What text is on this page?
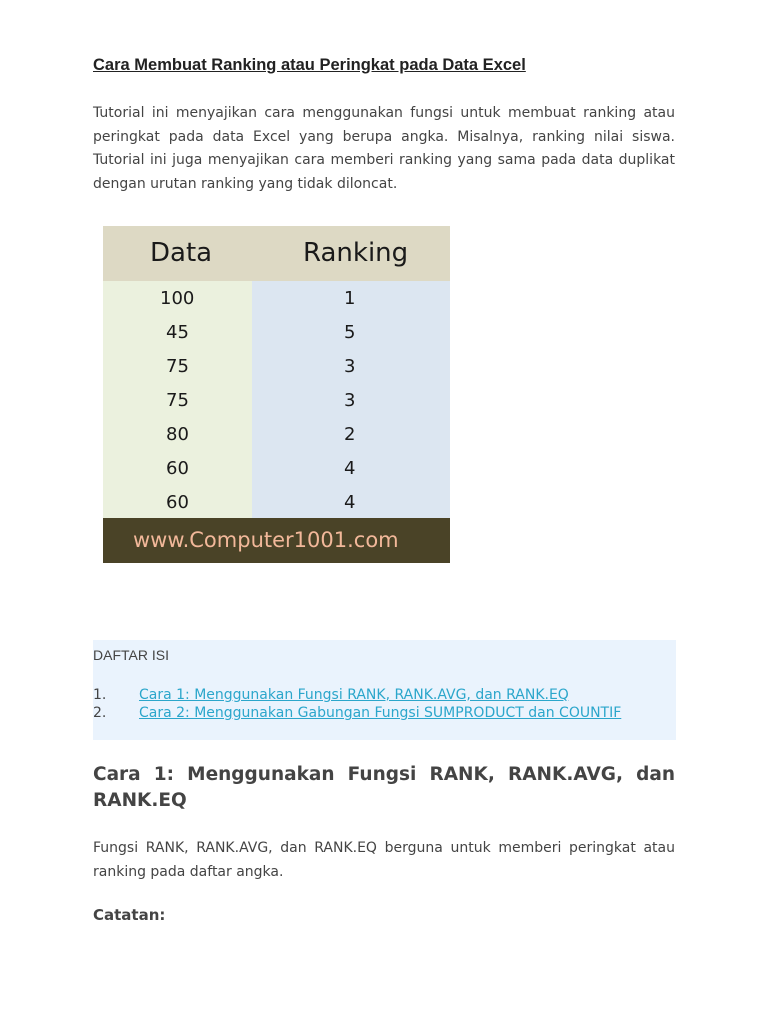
Cara Membuat Ranking atau Peringkat pada Data Excel

Tutorial ini menyajikan cara menggunakan fungsi untuk membuat ranking atau peringkat pada data Excel yang berupa angka. Misalnya, ranking nilai siswa. Tutorial ini juga menyajikan cara memberi ranking yang sama pada data duplikat dengan urutan ranking yang tidak diloncat.

Data	Ranking
100	1
45	5
75	3
75	3
80	2
60	4
60	4
www.Computer1001.com
DAFTAR ISI
1. Cara 1: Menggunakan Fungsi RANK, RANK.AVG, dan RANK.EQ
2.	Cara 2: Menggunakan Gabungan Fungsi SUMPRODUCT dan COUNTIF
Cara 1: Menggunakan Fungsi RANK, RANK.AVG, dan RANK.EQ

Fungsi RANK, RANK.AVG, dan RANK.EQ berguna untuk memberi peringkat atau ranking pada daftar angka.

Catatan:
